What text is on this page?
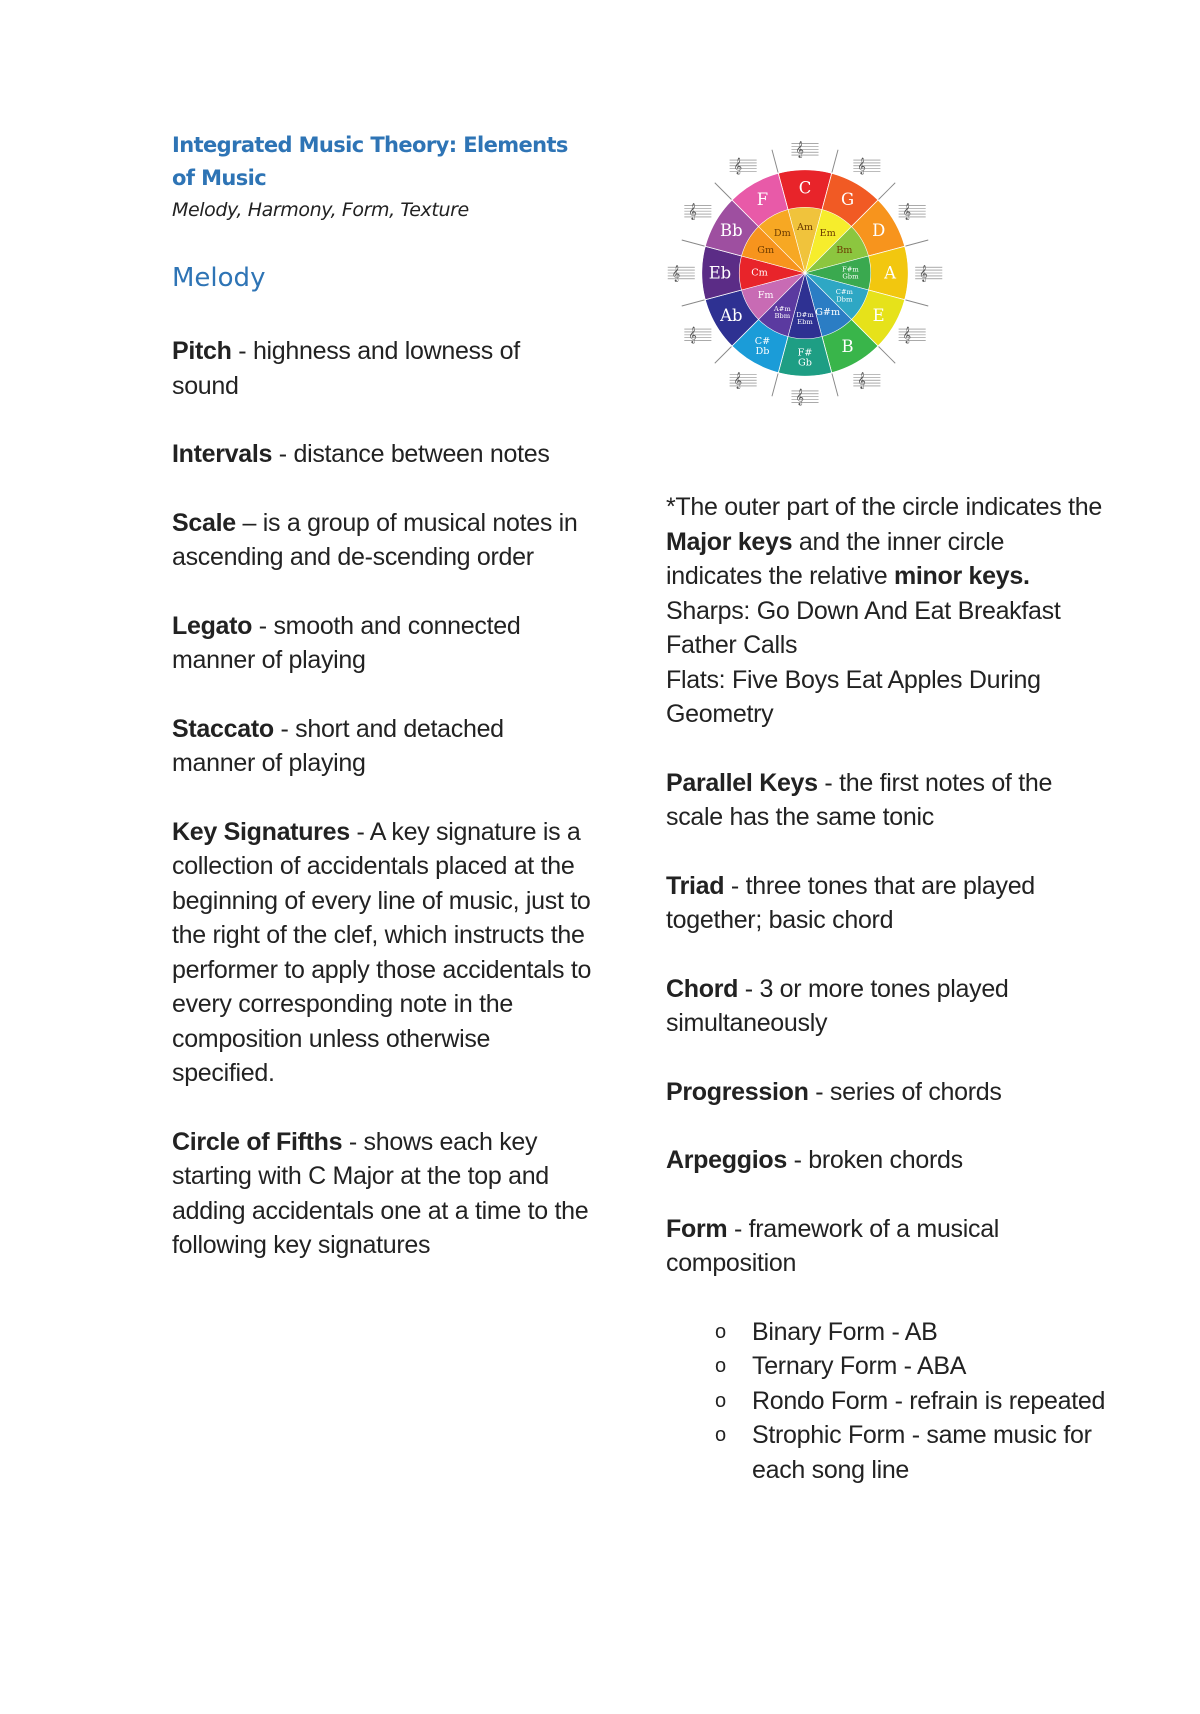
Integrated Music Theory: Elements of Music
Melody, Harmony, Form, Texture
Melody

Pitch - highness and lowness of sound

Intervals - distance between notes

Scale – is a group of musical notes in ascending and de-scending order

Legato - smooth and connected manner of playing

Staccato - short and detached manner of playing

Key Signatures - A key signature is a collection of accidentals placed at the beginning of every line of music, just to the right of the clef, which instructs the performer to apply those accidentals to every corresponding note in the composition unless otherwise specified.

Circle of Fifths - shows each key starting with C Major at the top and adding accidentals one at a time to the following key signatures

𝄞
𝄞
𝄞
𝄞
𝄞
𝄞
𝄞
𝄞
𝄞
𝄞
𝄞
𝄞
C
Am
G
Em D
Bm
A
F#m
Gbm
E
C#m
Dbm
B
G#m
F#
Gb
D#m
Ebm
C#
Db
A#m
Bbm
Ab
Fm
Eb Cm
Bb
Gm
F
Dm
*The outer part of the circle indicates the Major keys and the inner circle indicates the relative minor keys.
Sharps: Go Down And Eat Breakfast Father Calls
Flats: Five Boys Eat Apples During Geometry

Parallel Keys - the first notes of the scale has the same tonic

Triad - three tones that are played together; basic chord

Chord - 3 or more tones played simultaneously

Progression - series of chords

Arpeggios - broken chords

Form - framework of a musical composition

o Binary Form - AB
o Ternary Form - ABA
o Rondo Form - refrain is repeated
o Strophic Form - same music for each song line
